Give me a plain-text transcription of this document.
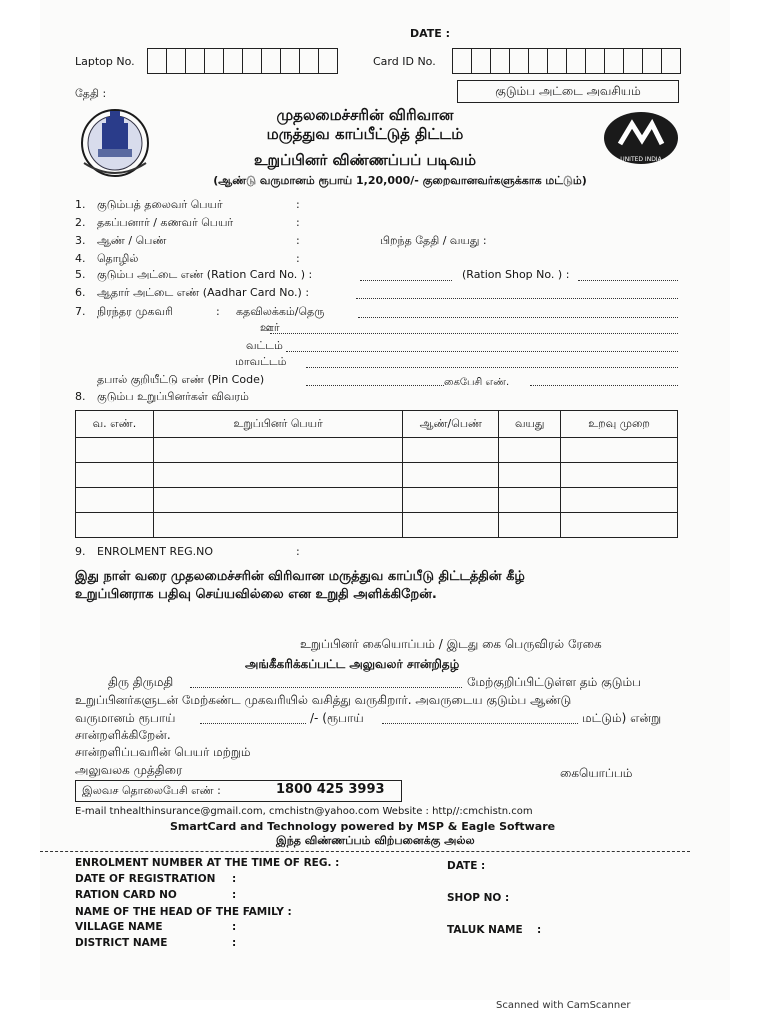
DATE :
Laptop No.	Card ID No.
தேதி :	குடும்ப அட்டை அவசியம்
முதலமைச்சரின் விரிவான
மருத்துவ காப்பீட்டுத் திட்டம்
உறுப்பினர் விண்ணப்பப் படிவம்
(ஆண்டு வருமானம் ரூபாய் 1,20,000/- குறைவானவர்களுக்காக மட்டும்)
UNITED INDIA
1. குடும்பத் தலைவர் பெயர்	:
2. தகப்பனார் / கணவர் பெயர்	:
3. ஆண் / பெண்	:	பிறந்த தேதி / வயது :
4. தொழில்	:
5. குடும்ப அட்டை எண் (Ration Card No. ) :	(Ration Shop No. ) :
6. ஆதார் அட்டை எண் (Aadhar Card No.) :
7. நிரந்தர முகவரி	: கதவிலக்கம்/தெரு
ஊர்
வட்டம்
மாவட்டம்
தபால் குறியீட்டு எண் (Pin Code)	கைபேசி எண்.
8. குடும்ப உறுப்பினர்கள் விவரம்
வ. எண்.	உறுப்பினர் பெயர்	ஆண்/பெண்	வயது	உறவு முறை

9. ENROLMENT REG.NO	:
இது நாள் வரை முதலமைச்சரின் விரிவான மருத்துவ காப்பீடு திட்டத்தின் கீழ்
உறுப்பினராக பதிவு செய்யவில்லை என உறுதி அளிக்கிறேன்.
உறுப்பினர் கையொப்பம் / இடது கை பெருவிரல் ரேகை
அங்கீகரிக்கப்பட்ட அலுவலர் சான்றிதழ்
திரு திருமதி	மேற்குறிப்பிட்டுள்ள தம் குடும்ப
உறுப்பினர்களுடன் மேற்கண்ட முகவரியில் வசித்து வருகிறார். அவருடைய குடும்ப ஆண்டு
வருமானம் ரூபாய்	/- (ரூபாய்	மட்டும்) என்று
சான்றளிக்கிறேன்.
சான்றளிப்பவரின் பெயர் மற்றும்
அலுவலக முத்திரை	கையொப்பம்
இலவச தொலைபேசி எண் :	1800 425 3993
E-mail tnhealthinsurance@gmail.com, cmchistn@yahoo.com Website : http//:cmchistn.com
SmartCard and Technology powered by MSP & Eagle Software
இந்த விண்ணப்பம் விற்பனைக்கு அல்ல
ENROLMENT NUMBER AT THE TIME OF REG. :	DATE :
DATE OF REGISTRATION :
RATION CARD NO	:	SHOP NO :
NAME OF THE HEAD OF THE FAMILY :
VILLAGE NAME	:	TALUK NAME :
DISTRICT NAME	:
Scanned with CamScanner
